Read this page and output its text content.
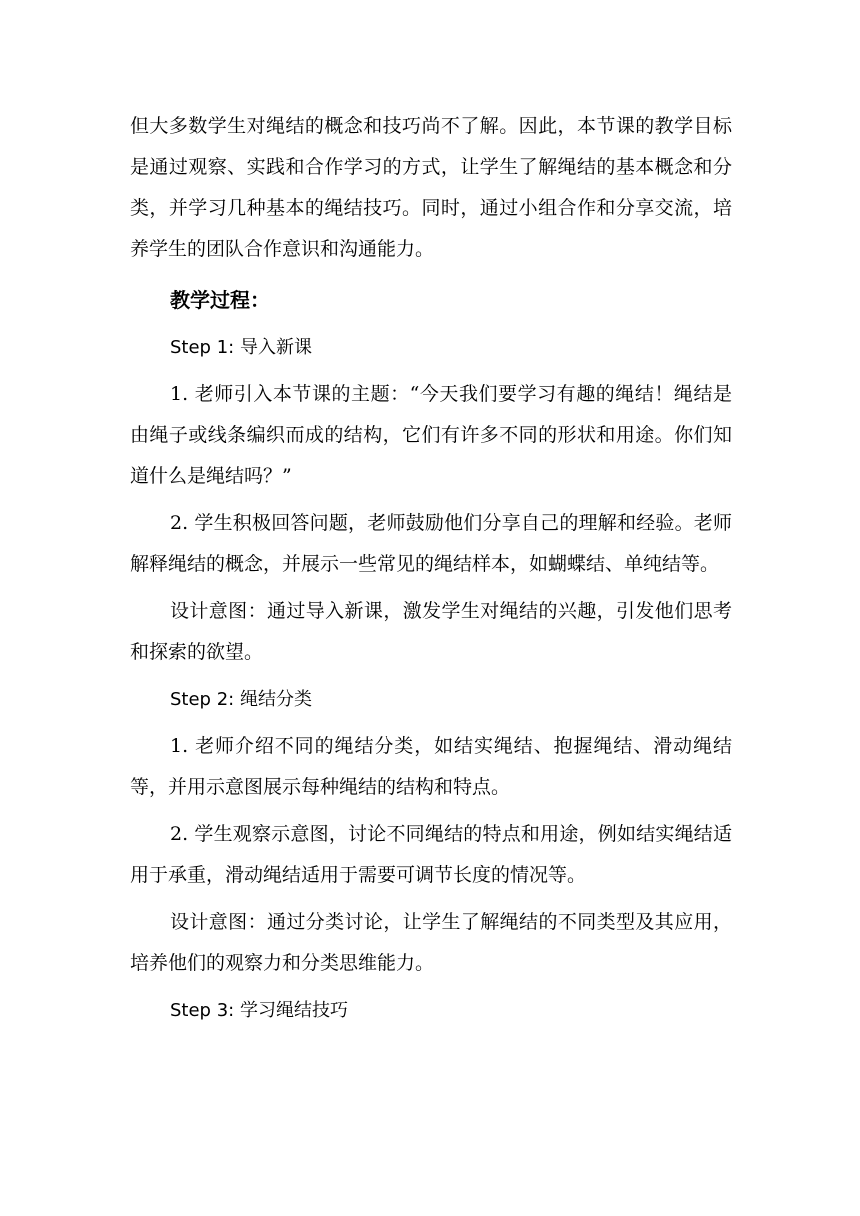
但大多数学生对绳结的概念和技巧尚不了解。因此，本节课的教学目标是通过观察、实践和合作学习的方式，让学生了解绳结的基本概念和分类，并学习几种基本的绳结技巧。同时，通过小组合作和分享交流，培养学生的团队合作意识和沟通能力。

教学过程：

Step 1: 导入新课

1. 老师引入本节课的主题：“今天我们要学习有趣的绳结！绳结是由绳子或线条编织而成的结构，它们有许多不同的形状和用途。你们知道什么是绳结吗？”

2. 学生积极回答问题，老师鼓励他们分享自己的理解和经验。老师解释绳结的概念，并展示一些常见的绳结样本，如蝴蝶结、单纯结等。

设计意图：通过导入新课，激发学生对绳结的兴趣，引发他们思考和探索的欲望。

Step 2: 绳结分类

1. 老师介绍不同的绳结分类，如结实绳结、抱握绳结、滑动绳结等，并用示意图展示每种绳结的结构和特点。

2. 学生观察示意图，讨论不同绳结的特点和用途，例如结实绳结适用于承重，滑动绳结适用于需要可调节长度的情况等。

设计意图：通过分类讨论，让学生了解绳结的不同类型及其应用，培养他们的观察力和分类思维能力。

Step 3: 学习绳结技巧
